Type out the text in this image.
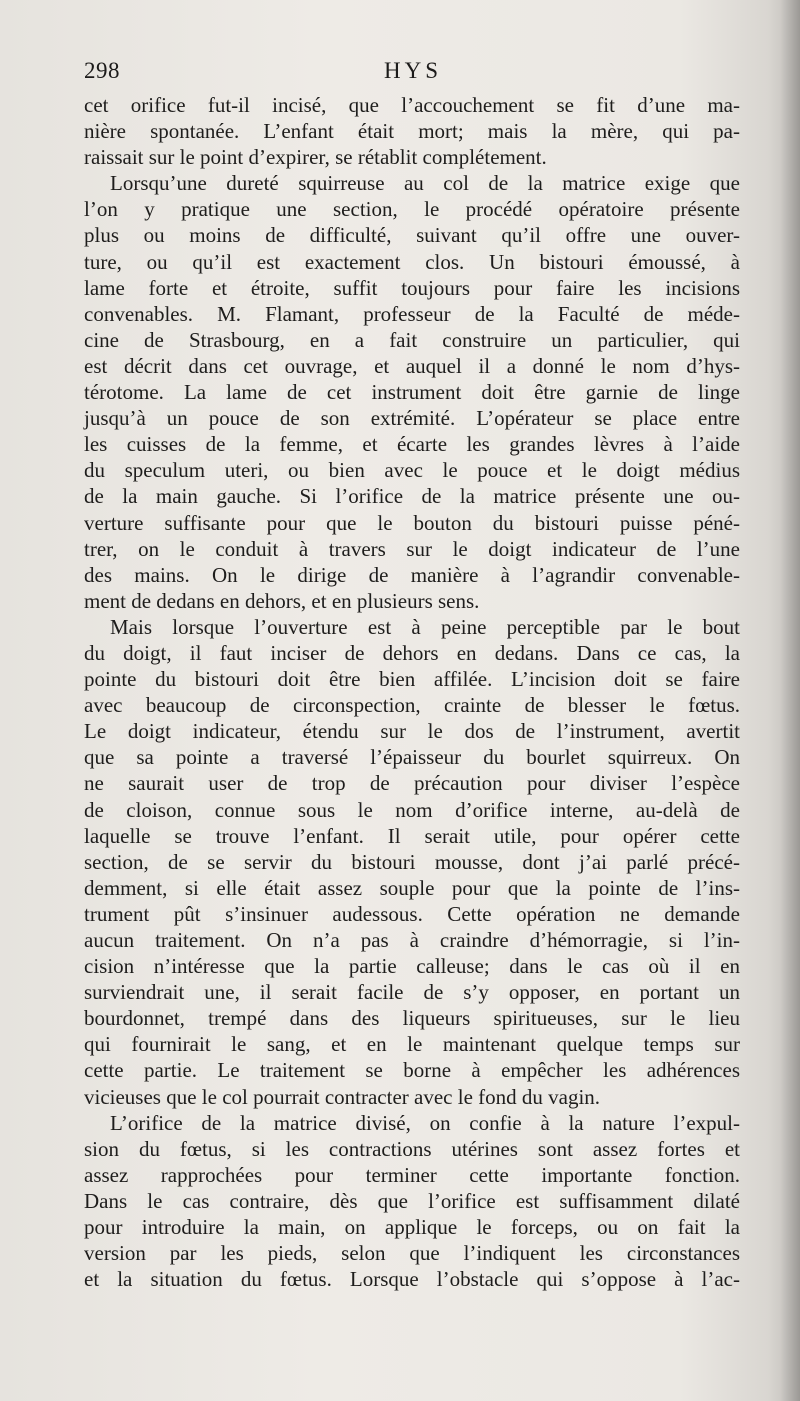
298	HYS
cet orifice fut-il incisé, que l’accouchement se fit d’une ma-
nière spontanée. L’enfant était mort; mais la mère, qui pa-
raissait sur le point d’expirer, se rétablit complétement.
Lorsqu’une dureté squirreuse au col de la matrice exige que
l’on y pratique une section, le procédé opératoire présente
plus ou moins de difficulté, suivant qu’il offre une ouver-
ture, ou qu’il est exactement clos. Un bistouri émoussé, à
lame forte et étroite, suffit toujours pour faire les incisions
convenables. M. Flamant, professeur de la Faculté de méde-
cine de Strasbourg, en a fait construire un particulier, qui
est décrit dans cet ouvrage, et auquel il a donné le nom d’hys-
térotome. La lame de cet instrument doit être garnie de linge
jusqu’à un pouce de son extrémité. L’opérateur se place entre
les cuisses de la femme, et écarte les grandes lèvres à l’aide
du speculum uteri, ou bien avec le pouce et le doigt médius
de la main gauche. Si l’orifice de la matrice présente une ou-
verture suffisante pour que le bouton du bistouri puisse péné-
trer, on le conduit à travers sur le doigt indicateur de l’une
des mains. On le dirige de manière à l’agrandir convenable-
ment de dedans en dehors, et en plusieurs sens.
Mais lorsque l’ouverture est à peine perceptible par le bout
du doigt, il faut inciser de dehors en dedans. Dans ce cas, la
pointe du bistouri doit être bien affilée. L’incision doit se faire
avec beaucoup de circonspection, crainte de blesser le fœtus.
Le doigt indicateur, étendu sur le dos de l’instrument, avertit
que sa pointe a traversé l’épaisseur du bourlet squirreux. On
ne saurait user de trop de précaution pour diviser l’espèce
de cloison, connue sous le nom d’orifice interne, au-delà de
laquelle se trouve l’enfant. Il serait utile, pour opérer cette
section, de se servir du bistouri mousse, dont j’ai parlé précé-
demment, si elle était assez souple pour que la pointe de l’ins-
trument pût s’insinuer audessous. Cette opération ne demande
aucun traitement. On n’a pas à craindre d’hémorragie, si l’in-
cision n’intéresse que la partie calleuse; dans le cas où il en
surviendrait une, il serait facile de s’y opposer, en portant un
bourdonnet, trempé dans des liqueurs spiritueuses, sur le lieu
qui fournirait le sang, et en le maintenant quelque temps sur
cette partie. Le traitement se borne à empêcher les adhérences
vicieuses que le col pourrait contracter avec le fond du vagin.
L’orifice de la matrice divisé, on confie à la nature l’expul-
sion du fœtus, si les contractions utérines sont assez fortes et
assez rapprochées pour terminer cette importante fonction.
Dans le cas contraire, dès que l’orifice est suffisamment dilaté
pour introduire la main, on applique le forceps, ou on fait la
version par les pieds, selon que l’indiquent les circonstances
et la situation du fœtus. Lorsque l’obstacle qui s’oppose à l’ac-
